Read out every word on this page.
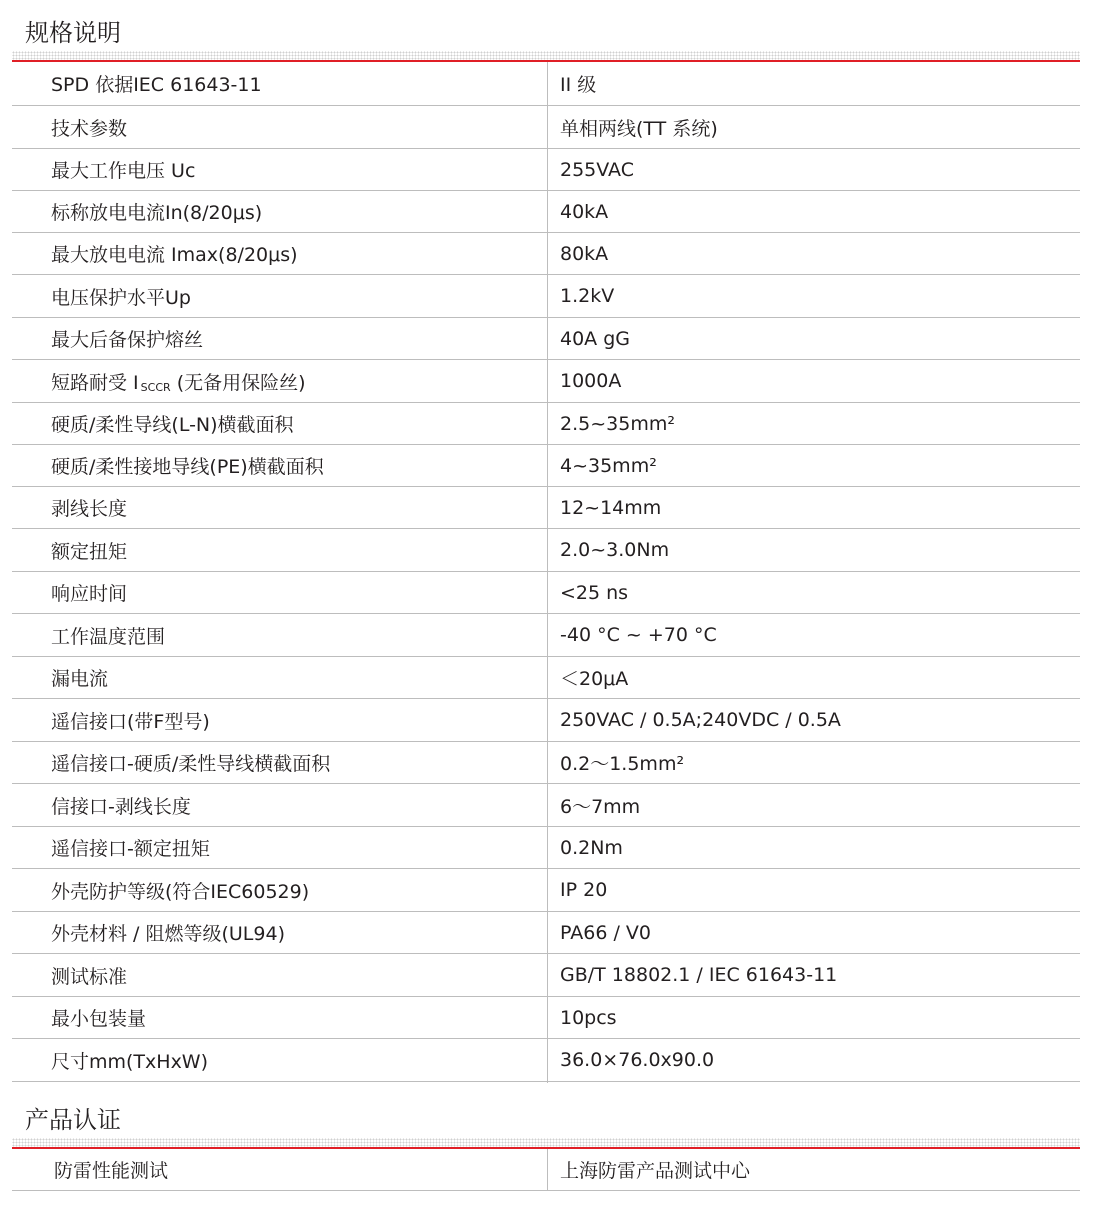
规格说明
SPD 依据IEC 61643-11	II 级
技术参数	单相两线(TT 系统)
最大工作电压 Uc	255VAC
标称放电电流In(8/20μs)	40kA
最大放电电流 Imax(8/20μs)	80kA
电压保护水平Up	1.2kV
最大后备保护熔丝	40A gG
短路耐受 I SCCR (无备用保险丝)	1000A
硬质/柔性导线(L-N)横截面积	2.5~35mm²
硬质/柔性接地导线(PE)横截面积	4~35mm²
剥线长度	12~14mm
额定扭矩	2.0~3.0Nm
响应时间	<25 ns
工作温度范围	-40 °C ~ +70 °C
漏电流	＜20μA
遥信接口(带F型号)	250VAC / 0.5A;240VDC / 0.5A
遥信接口-硬质/柔性导线横截面积	0.2～1.5mm²
信接口-剥线长度	6～7mm
遥信接口-额定扭矩	0.2Nm
外壳防护等级(符合IEC60529)	IP 20
外壳材料 / 阻燃等级(UL94)	PA66 / V0
测试标准	GB/T 18802.1 / IEC 61643-11
最小包装量	10pcs
尺寸mm(TxHxW)	36.0×76.0x90.0
产品认证
防雷性能测试	上海防雷产品测试中心
